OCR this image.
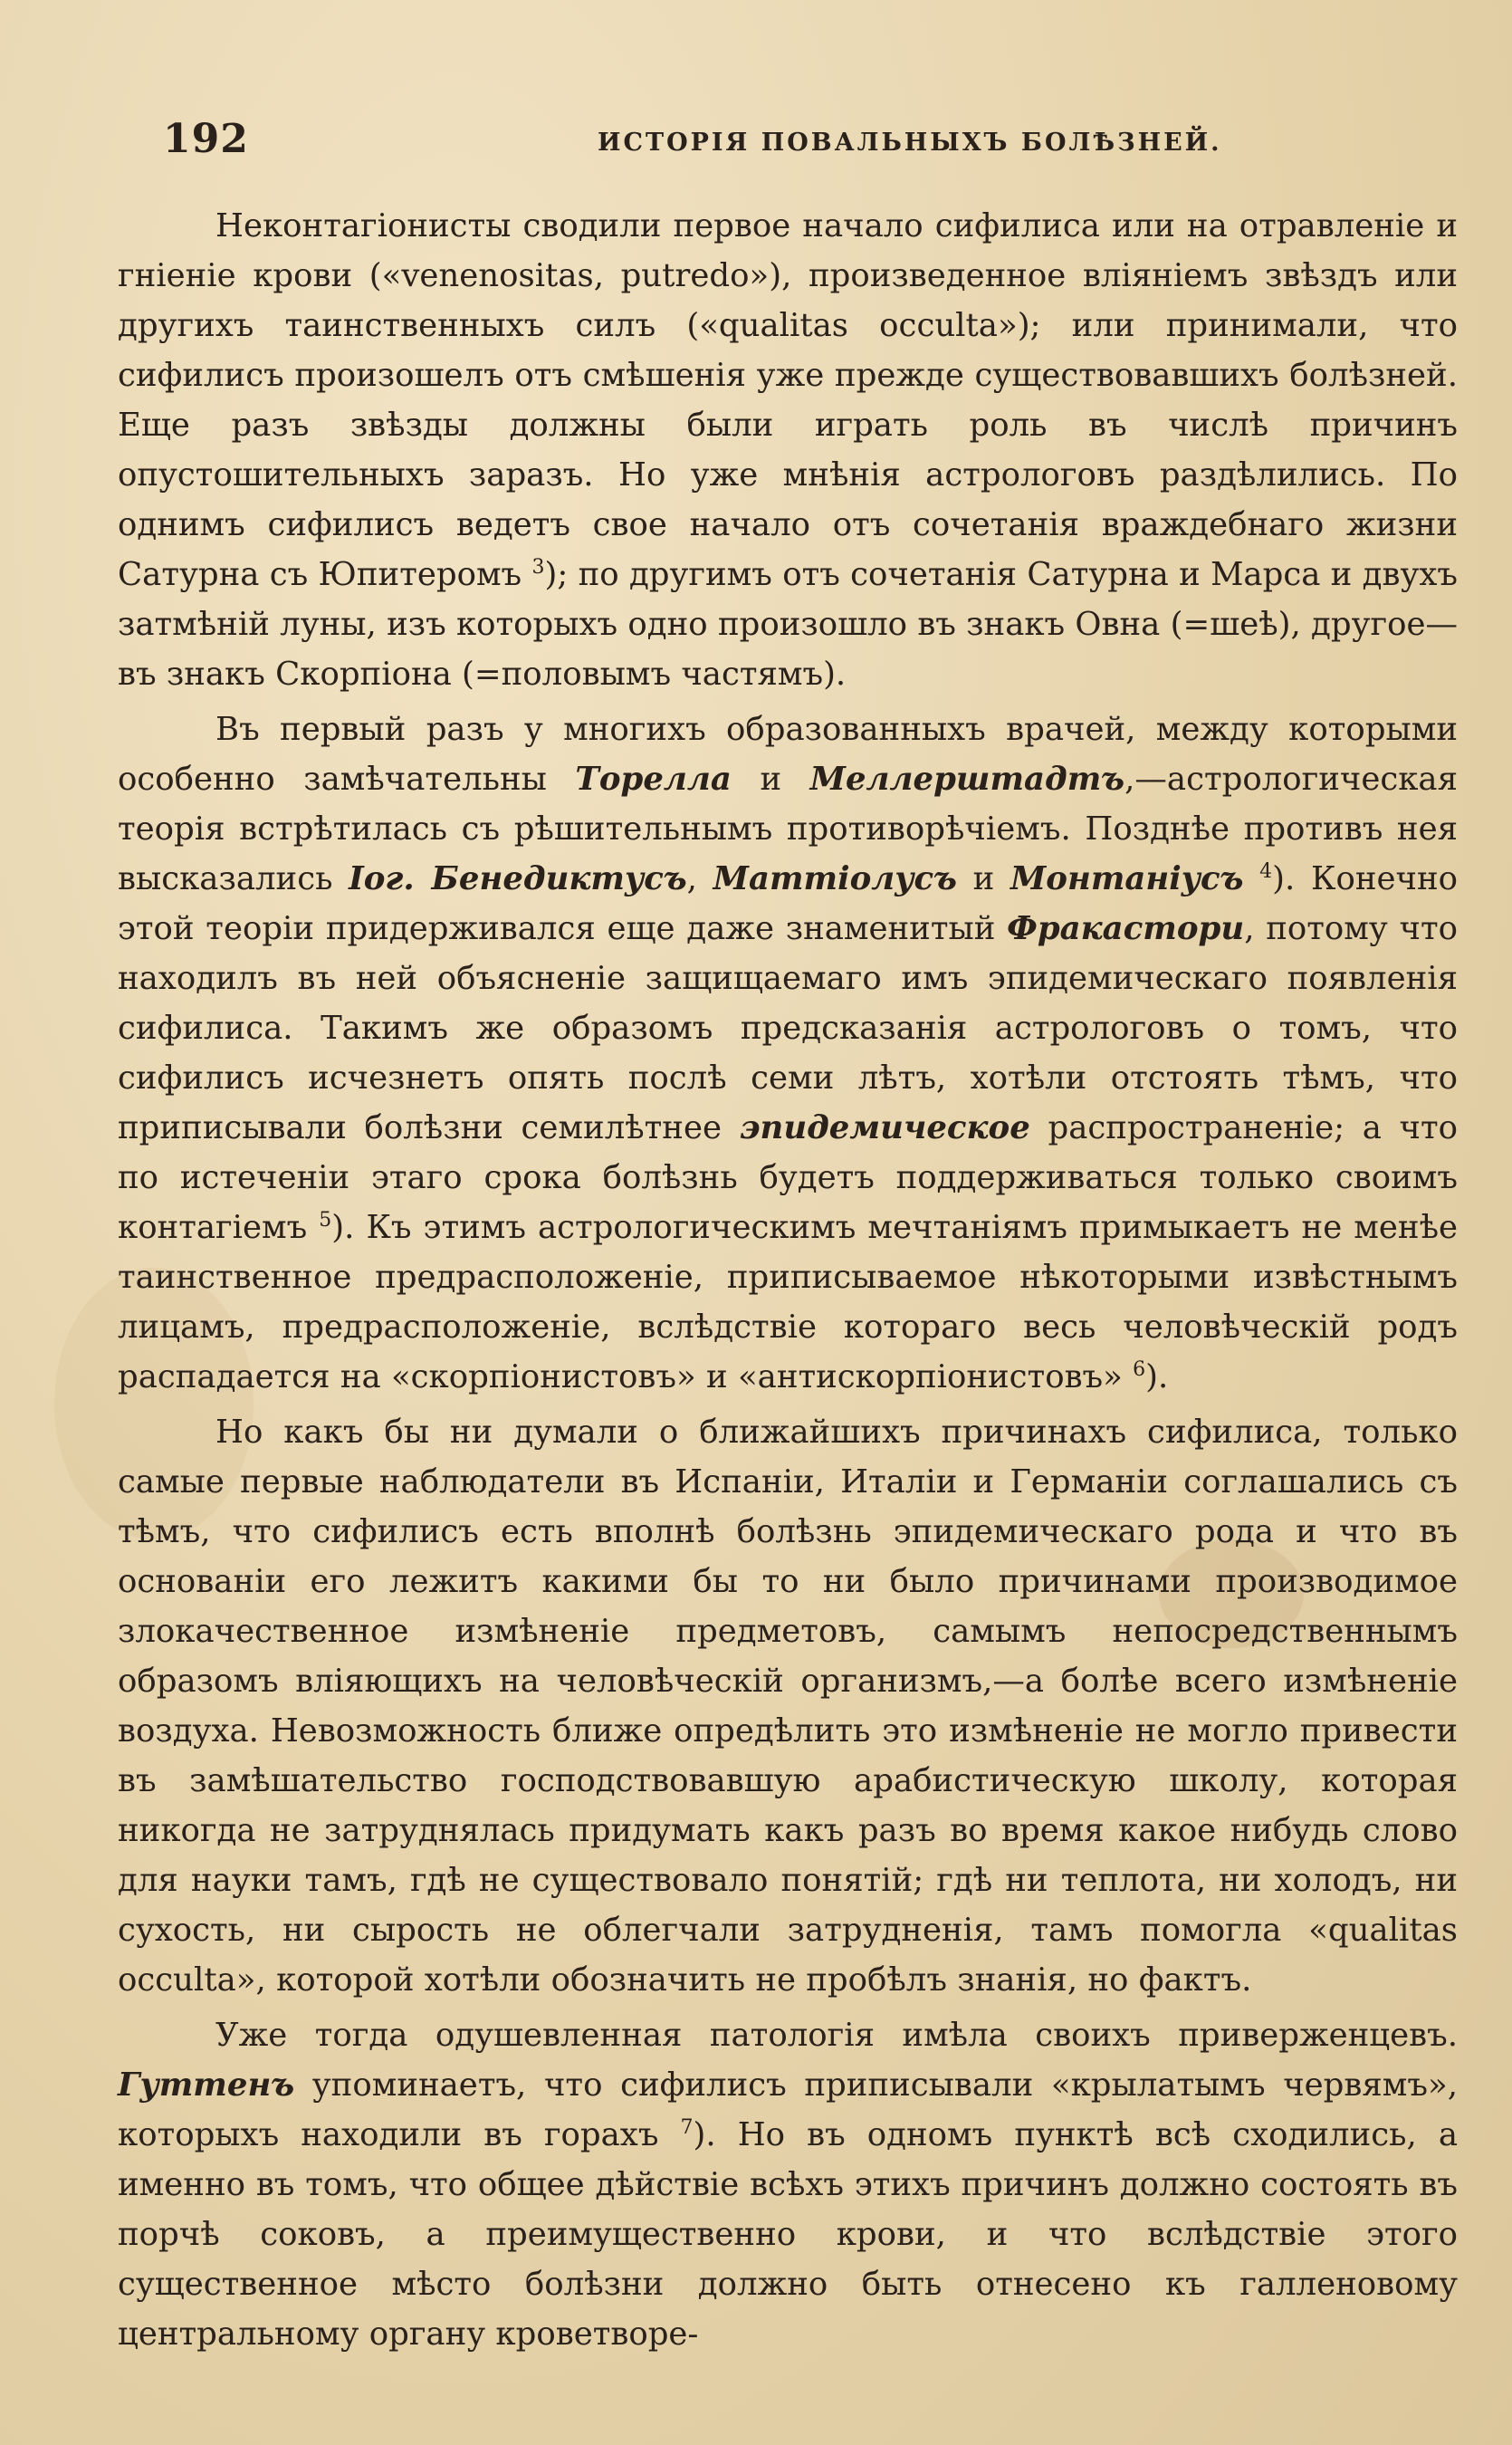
192	ИСТОРІЯ ПОВАЛЬНЫХЪ БОЛѢЗНЕЙ.

Неконтагіонисты сводили первое начало сифилиса или на отравленіе и гніеніе крови («venenositas, putredo»), произведенное вліяніемъ звѣздъ или другихъ таинственныхъ силъ («qualitas occulta»); или принимали, что сифилисъ произошелъ отъ смѣшенія уже прежде существовавшихъ болѣзней. Еще разъ звѣзды должны были играть роль въ числѣ причинъ опустошительныхъ заразъ. Но уже мнѣнія астрологовъ раздѣлились. По однимъ сифилисъ ведетъ свое начало отъ сочетанія враждебнаго жизни Сатурна съ Юпитеромъ $^3$); по другимъ отъ сочетанія Сатурна и Марса и двухъ затмѣній луны, изъ которыхъ одно произошло въ знакъ Овна (=шеѣ), другое—въ знакъ Скорпіона (=половымъ частямъ).

Въ первый разъ у многихъ образованныхъ врачей, между которыми особенно замѣчательны Торелла и Меллерштадтъ,—астрологическая теорія встрѣтилась съ рѣшительнымъ противорѣчіемъ. Позднѣе противъ нея высказались Іог. Бенедиктусъ, Маттіолусъ и Монтаніусъ $^4$). Конечно этой теоріи придерживался еще даже знаменитый Фракастори, потому что находилъ въ ней объясненіе защищаемаго имъ эпидемическаго появленія сифилиса. Такимъ же образомъ предсказанія астрологовъ о томъ, что сифилисъ исчезнетъ опять послѣ семи лѣтъ, хотѣли отстоять тѣмъ, что приписывали болѣзни семилѣтнее эпидемическое распространеніе; а что по истеченіи этаго срока болѣзнь будетъ поддерживаться только своимъ контагіемъ $^5$). Къ этимъ астрологическимъ мечтаніямъ примыкаетъ не менѣе таинственное предрасположеніе, приписываемое нѣкоторыми извѣстнымъ лицамъ, предрасположеніе, вслѣдствіе котораго весь человѣческій родъ распадается на «скорпіонистовъ» и «антискорпіонистовъ» $^6$).

Но какъ бы ни думали о ближайшихъ причинахъ сифилиса, только самые первые наблюдатели въ Испаніи, Италіи и Германіи соглашались съ тѣмъ, что сифилисъ есть вполнѣ болѣзнь эпидемическаго рода и что въ основаніи его лежитъ какими бы то ни было причинами производимое злокачественное измѣненіе предметовъ, самымъ непосредственнымъ образомъ вліяющихъ на человѣческій организмъ,—а болѣе всего измѣненіе воздуха. Невозможность ближе опредѣлить это измѣненіе не могло привести въ замѣшательство господствовавшую арабистическую школу, которая никогда не затруднялась придумать какъ разъ во время какое нибудь слово для науки тамъ, гдѣ не существовало понятій; гдѣ ни теплота, ни холодъ, ни сухость, ни сырость не облегчали затрудненія, тамъ помогла «qualitas occulta», которой хотѣли обозначить не пробѣлъ знанія, но фактъ.

Уже тогда одушевленная патологія имѣла своихъ приверженцевъ. Гуттенъ упоминаетъ, что сифилисъ приписывали «крылатымъ червямъ», которыхъ находили въ горахъ $^7$). Но въ одномъ пунктѣ всѣ сходились, а именно въ томъ, что общее дѣйствіе всѣхъ этихъ причинъ должно состоять въ порчѣ соковъ, а преимущественно крови, и что вслѣдствіе этого существенное мѣсто болѣзни должно быть отнесено къ галленовому центральному органу кроветворе-
